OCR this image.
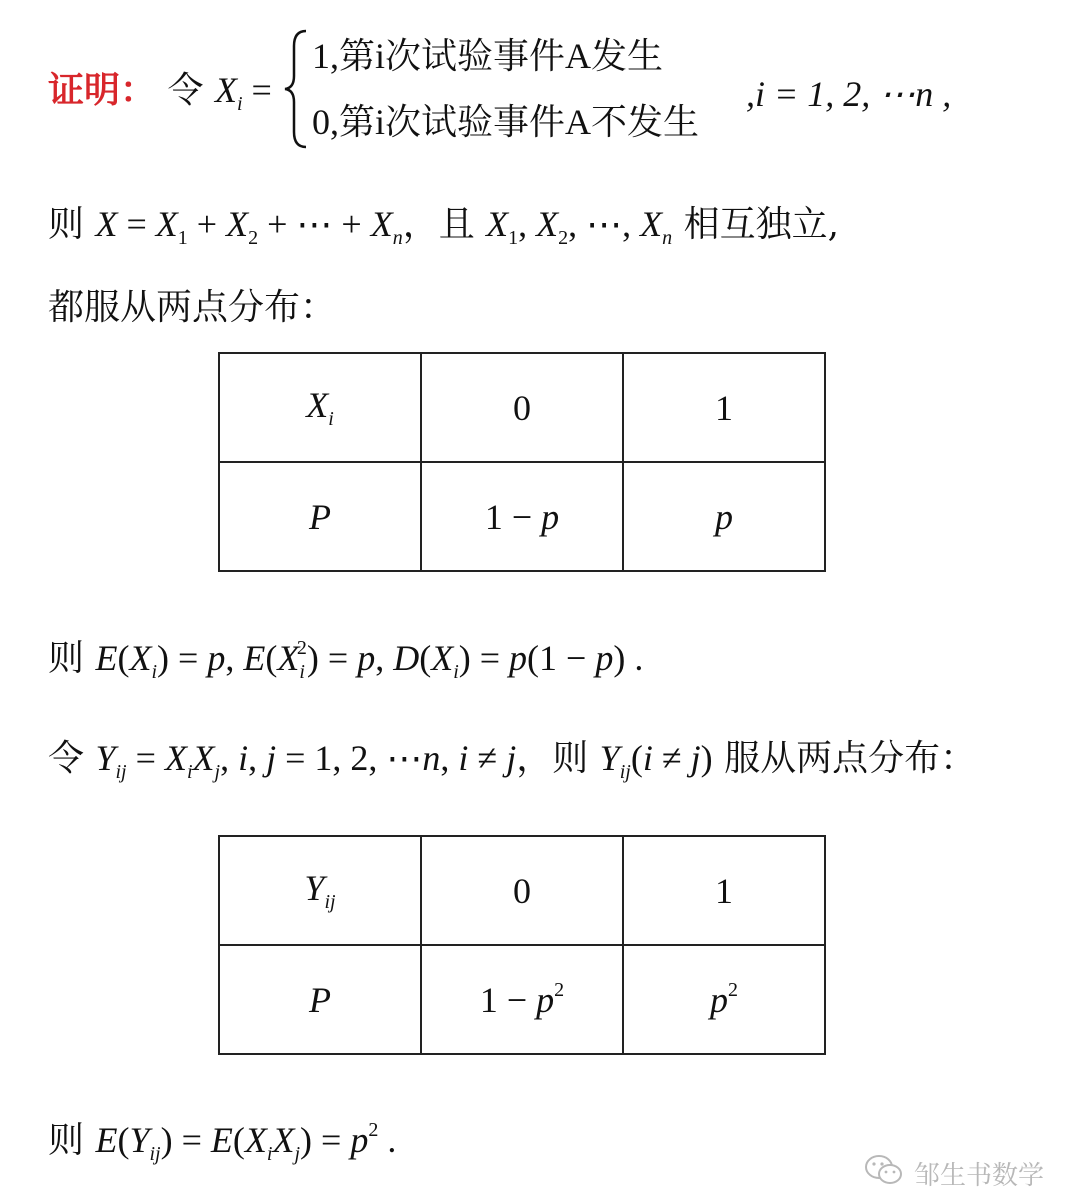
证明： 令 $X_i$ =
1,第i次试验事件A发生
0,第i次试验事件A不发生
,i = 1, 2, ⋯n ,
则 $X = X_1 + X_2$ + ⋯ + $X_n$，且 $X_1$, $X_2$, ⋯, $X_n$ 相互独立,
都服从两点分布：
$X_i$	0	1
P	1 − p	p
则 $E(X_i) = p$, $E(X_i^2) = p$, $D(X_i) = p(1 - p)$ .
令 $Y_{ij} = X_iX_j$, i, j = 1, 2, ⋯n, i ≠ j，则 $Y_{ij}(i \ne j)$ 服从两点分布：
$Y_{ij}$	0	1
P	$1 - p^2$	$p^2$
则 $E(Y_{ij}) = E(X_iX_j) = p^2$ .
邹生书数学
